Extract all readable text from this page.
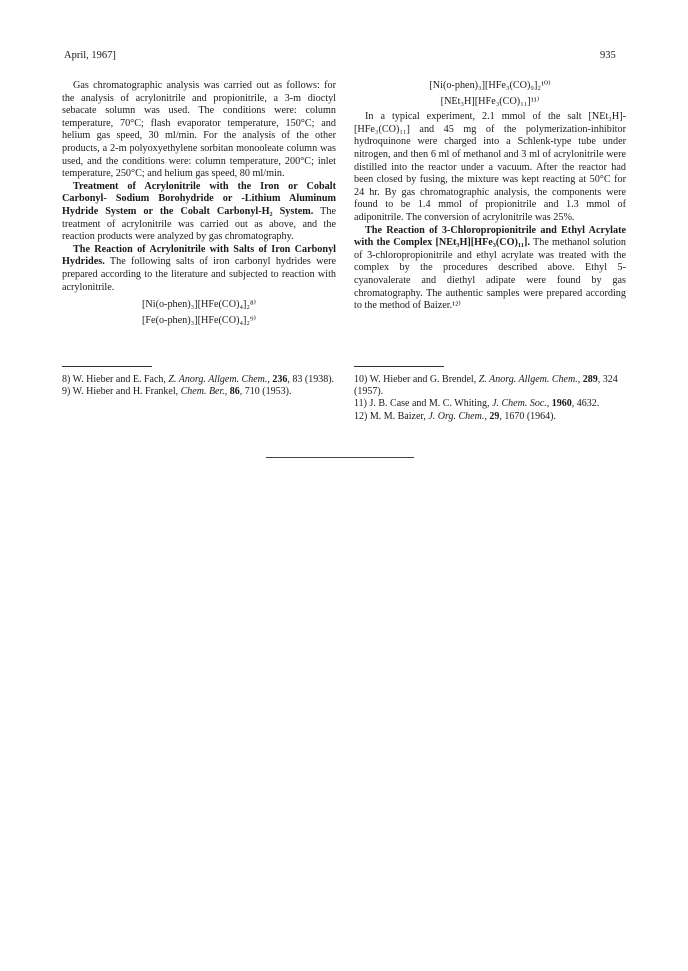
April, 1967]	935

Gas chromatographic analysis was carried out as follows: for the analysis of acrylonitrile and propionitrile, a 3-m dioctyl sebacate solumn was used. The conditions were: column temperature, 70°C; flash evaporator temperature, 150°C; and helium gas speed, 30 ml/min. For the analysis of the other products, a 2-m polyoxyethylene sorbitan monooleate column was used, and the conditions were: column temperature, 200°C; inlet temperature, 250°C; and helium gas speed, 80 ml/min.

Treatment of Acrylonitrile with the Iron or Cobalt Carbonyl- Sodium Borohydride or -Lithium Aluminum Hydride System or the Cobalt Carbonyl-H₂ System. The treatment of acrylonitrile was carried out as above, and the reaction products were analyzed by gas chromatography.

The Reaction of Acrylonitrile with Salts of Iron Carbonyl Hydrides. The following salts of iron carbonyl hydrides were prepared according to the literature and subjected to reaction with acrylonitrile.

[Ni(o-phen)₃][HFe(CO)₄]₂⁸⁾

[Fe(o-phen)₃][HFe(CO)₄]₂⁹⁾

[Ni(o-phen)₃][HFe₃(CO)₉]₂¹⁰⁾

[NEt₃H][HFe₃(CO)₁₁]¹¹⁾

In a typical experiment, 2.1 mmol of the salt [NEt₃H]-[HFe₃(CO)₁₁] and 45 mg of the polymerization-inhibitor hydroquinone were charged into a Schlenk-type tube under nitrogen, and then 6 ml of methanol and 3 ml of acrylonitrile were distilled into the reactor under a vacuum. After the reactor had been closed by fusing, the mixture was kept reacting at 50°C for 24 hr. By gas chromatographic analysis, the components were found to be 1.4 mmol of propionitrile and 1.3 mmol of adiponitrile. The conversion of acrylonitrile was 25%.

The Reaction of 3-Chloropropionitrile and Ethyl Acrylate with the Complex [NEt₃H][HFe₃(CO)₁₁]. The methanol solution of 3-chloropropionitrile and ethyl acrylate was treated with the complex by the procedures described above. Ethyl 5-cyanovalerate and diethyl adipate were found by gas chromatography. The authentic samples were prepared according to the method of Baizer.¹²⁾

8) W. Hieber and E. Fach, Z. Anorg. Allgem. Chem., 236, 83 (1938).

9) W. Hieber and H. Frankel, Chem. Ber., 86, 710 (1953).

10) W. Hieber and G. Brendel, Z. Anorg. Allgem. Chem., 289, 324 (1957).

11) J. B. Case and M. C. Whiting, J. Chem. Soc., 1960, 4632.

12) M. M. Baizer, J. Org. Chem., 29, 1670 (1964).
